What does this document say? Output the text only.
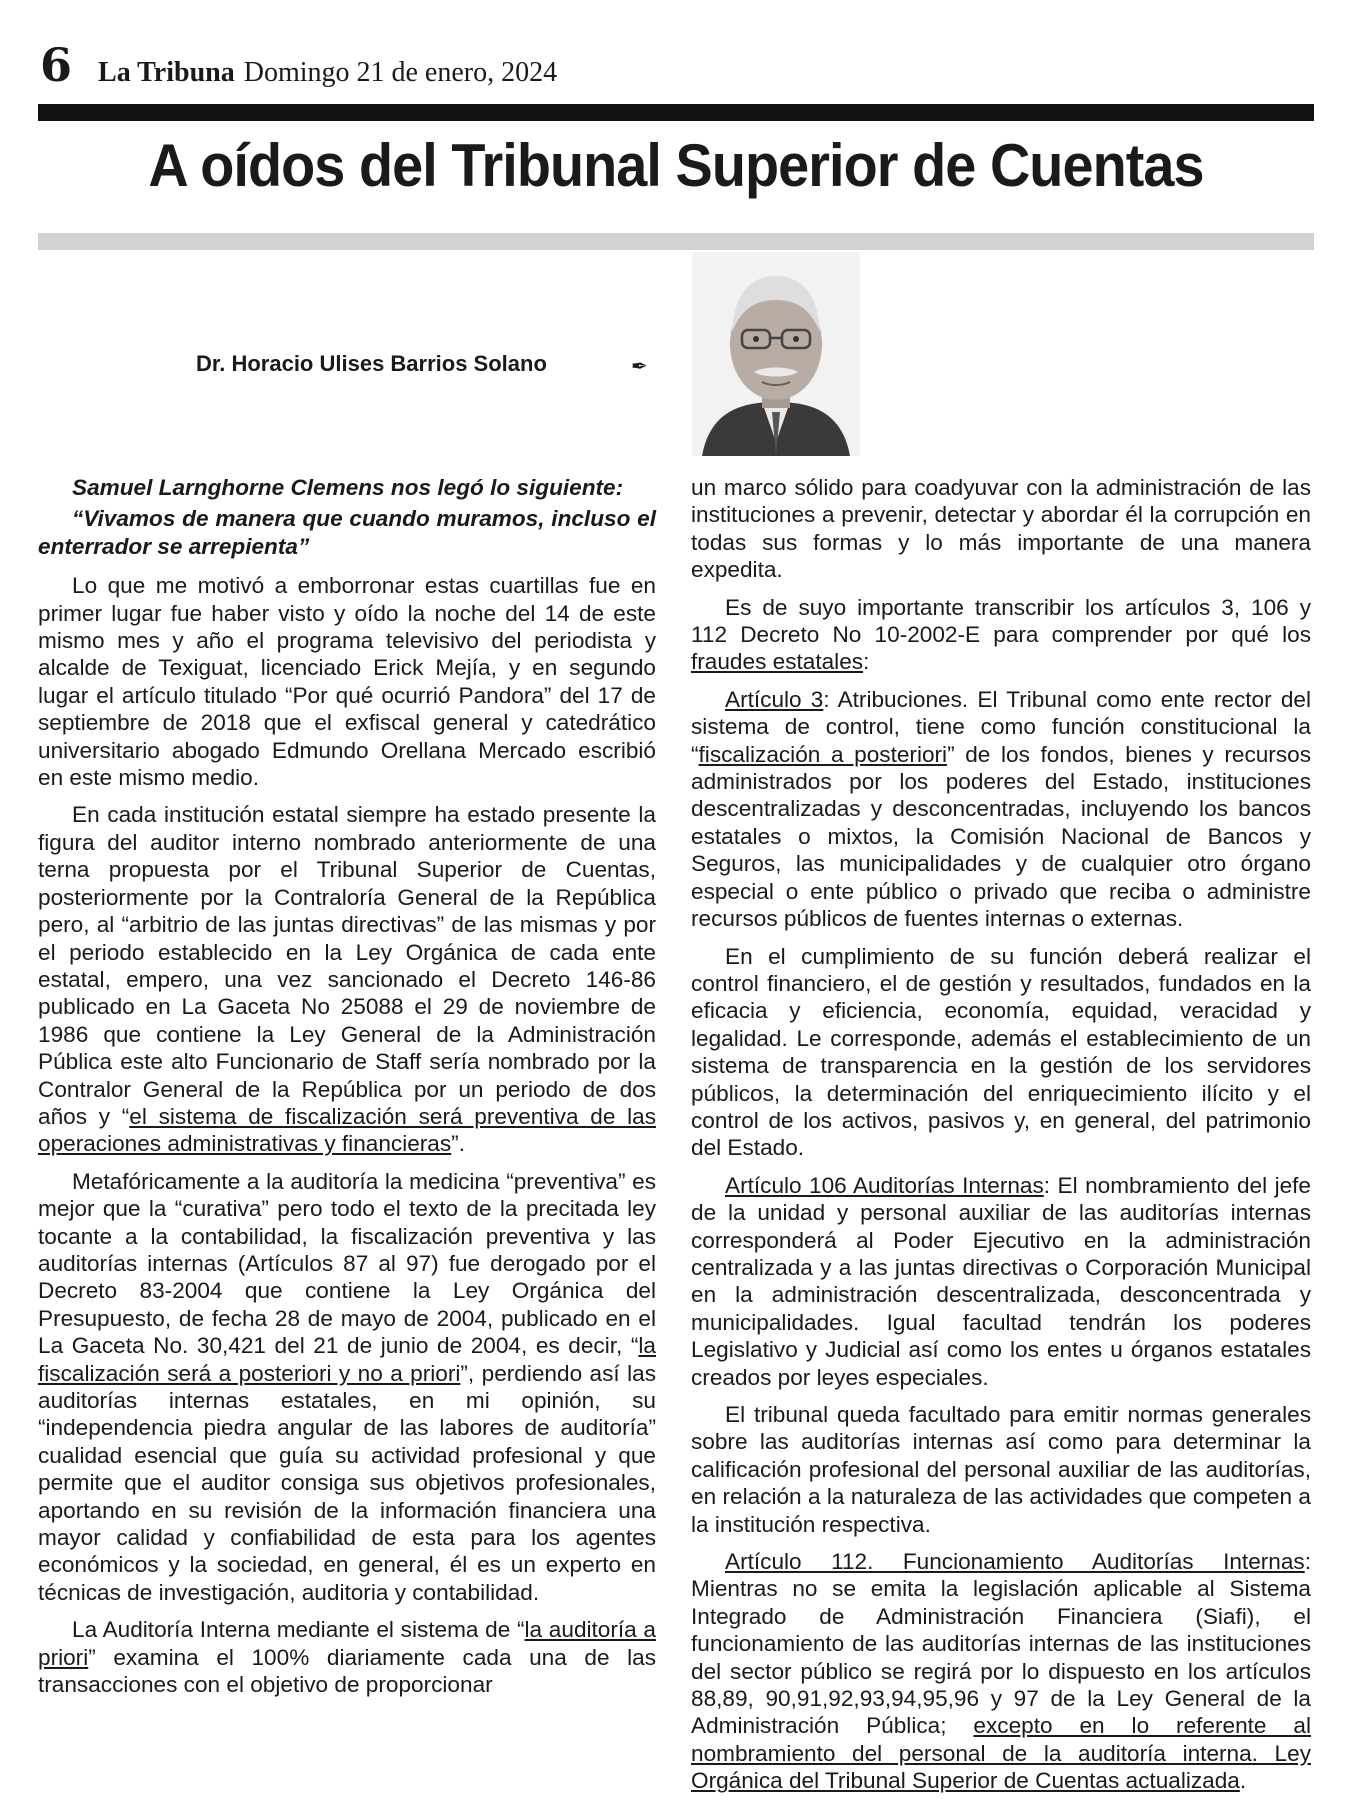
6 La Tribuna Domingo 21 de enero, 2024
A oídos del Tribunal Superior de Cuentas
Dr. Horacio Ulises Barrios Solano	✒

Samuel Larnghorne Clemens nos legó lo siguiente:

“Vivamos de manera que cuando muramos, incluso el enterrador se arrepienta”

Lo que me motivó a emborronar estas cuartillas fue en primer lugar fue haber visto y oído la noche del 14 de este mismo mes y año el programa televisivo del periodista y alcalde de Texiguat, licenciado Erick Mejía, y en segundo lugar el artículo titulado “Por qué ocurrió Pandora” del 17 de septiembre de 2018 que el exfiscal general y catedrático universitario abogado Edmundo Orellana Mercado escribió en este mismo medio.

En cada institución estatal siempre ha estado presente la figura del auditor interno nombrado anteriormente de una terna propuesta por el Tribunal Superior de Cuentas, posteriormente por la Contraloría General de la República pero, al “arbitrio de las juntas directivas” de las mismas y por el periodo establecido en la Ley Orgánica de cada ente estatal, empero, una vez sancionado el Decreto 146-86 publicado en La Gaceta No 25088 el 29 de noviembre de 1986 que contiene la Ley General de la Administración Pública este alto Funcionario de Staff sería nombrado por la Contralor General de la República por un periodo de dos años y “el sistema de fiscalización será preventiva de las operaciones administrativas y financieras”.

Metafóricamente a la auditoría la medicina “preventiva” es mejor que la “curativa” pero todo el texto de la precitada ley tocante a la contabilidad, la fiscalización preventiva y las auditorías internas (Artículos 87 al 97) fue derogado por el Decreto 83-2004 que contiene la Ley Orgánica del Presupuesto, de fecha 28 de mayo de 2004, publicado en el La Gaceta No. 30,421 del 21 de junio de 2004, es decir, “la fiscalización será a posteriori y no a priori”, perdiendo así las auditorías internas estatales, en mi opinión, su “independencia piedra angular de las labores de auditoría” cualidad esencial que guía su actividad profesional y que permite que el auditor consiga sus objetivos profesionales, aportando en su revisión de la información financiera una mayor calidad y confiabilidad de esta para los agentes económicos y la sociedad, en general, él es un experto en técnicas de investigación, auditoria y contabilidad.

La Auditoría Interna mediante el sistema de “la auditoría a priori” examina el 100% diariamente cada una de las transacciones con el objetivo de proporcionar

un marco sólido para coadyuvar con la administración de las instituciones a prevenir, detectar y abordar él la corrupción en todas sus formas y lo más importante de una manera expedita.

Es de suyo importante transcribir los artículos 3, 106 y 112 Decreto No 10-2002-E para comprender por qué los fraudes estatales:

Artículo 3: Atribuciones. El Tribunal como ente rector del sistema de control, tiene como función constitucional la “fiscalización a posteriori” de los fondos, bienes y recursos administrados por los poderes del Estado, instituciones descentralizadas y desconcentradas, incluyendo los bancos estatales o mixtos, la Comisión Nacional de Bancos y Seguros, las municipalidades y de cualquier otro órgano especial o ente público o privado que reciba o administre recursos públicos de fuentes internas o externas.

En el cumplimiento de su función deberá realizar el control financiero, el de gestión y resultados, fundados en la eficacia y eficiencia, economía, equidad, veracidad y legalidad. Le corresponde, además el establecimiento de un sistema de transparencia en la gestión de los servidores públicos, la determinación del enriquecimiento ilícito y el control de los activos, pasivos y, en general, del patrimonio del Estado.

Artículo 106 Auditorías Internas: El nombramiento del jefe de la unidad y personal auxiliar de las auditorías internas corresponderá al Poder Ejecutivo en la administración centralizada y a las juntas directivas o Corporación Municipal en la administración descentralizada, desconcentrada y municipalidades. Igual facultad tendrán los poderes Legislativo y Judicial así como los entes u órganos estatales creados por leyes especiales.

El tribunal queda facultado para emitir normas generales sobre las auditorías internas así como para determinar la calificación profesional del personal auxiliar de las auditorías, en relación a la naturaleza de las actividades que competen a la institución respectiva.

Artículo 112. Funcionamiento Auditorías Internas: Mientras no se emita la legislación aplicable al Sistema Integrado de Administración Financiera (Siafi), el funcionamiento de las auditorías internas de las instituciones del sector público se regirá por lo dispuesto en los artículos 88,89, 90,91,92,93,94,95,96 y 97 de la Ley General de la Administración Pública; excepto en lo referente al nombramiento del personal de la auditoría interna. Ley Orgánica del Tribunal Superior de Cuentas actualizada.
